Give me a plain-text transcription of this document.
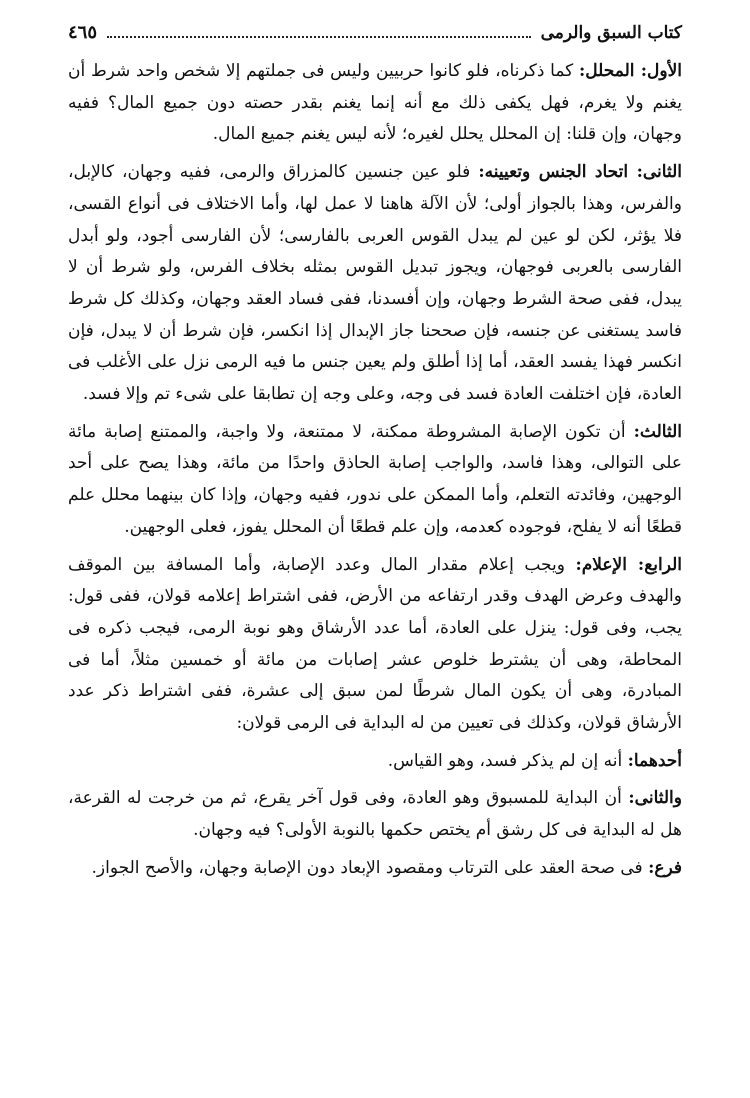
كتاب السبق والرمى
٤٦٥

الأول: المحلل: كما ذكرناه، فلو كانوا حربيين وليس فى جملتهم إلا شخص واحد شرط أن يغنم ولا يغرم، فهل يكفى ذلك مع أنه إنما يغنم بقدر حصته دون جميع المال؟ ففيه وجهان، وإن قلنا: إن المحلل يحلل لغيره؛ لأنه ليس يغنم جميع المال.

الثانى: اتحاد الجنس وتعيينه: فلو عين جنسين كالمزراق والرمى، ففيه وجهان، كالإبل، والفرس، وهذا بالجواز أولى؛ لأن الآلة هاهنا لا عمل لها، وأما الاختلاف فى أنواع القسى، فلا يؤثر، لكن لو عين لم يبدل القوس العربى بالفارسى؛ لأن الفارسى أجود، ولو أبدل الفارسى بالعربى فوجهان، ويجوز تبديل القوس بمثله بخلاف الفرس، ولو شرط أن لا يبدل، ففى صحة الشرط وجهان، وإن أفسدنا، ففى فساد العقد وجهان، وكذلك كل شرط فاسد يستغنى عن جنسه، فإن صححنا جاز الإبدال إذا انكسر، فإن شرط أن لا يبدل، فإن انكسر فهذا يفسد العقد، أما إذا أطلق ولم يعين جنس ما فيه الرمى نزل على الأغلب فى العادة، فإن اختلفت العادة فسد فى وجه، وعلى وجه إن تطابقا على شىء تم وإلا فسد.

الثالث: أن تكون الإصابة المشروطة ممكنة، لا ممتنعة، ولا واجبة، والممتنع إصابة مائة على التوالى، وهذا فاسد، والواجب إصابة الحاذق واحدًا من مائة، وهذا يصح على أحد الوجهين، وفائدته التعلم، وأما الممكن على ندور، ففيه وجهان، وإذا كان بينهما محلل علم قطعًا أنه لا يفلح، فوجوده كعدمه، وإن علم قطعًا أن المحلل يفوز، فعلى الوجهين.

الرابع: الإعلام: ويجب إعلام مقدار المال وعدد الإصابة، وأما المسافة بين الموقف والهدف وعرض الهدف وقدر ارتفاعه من الأرض، ففى اشتراط إعلامه قولان، ففى قول: يجب، وفى قول: ينزل على العادة، أما عدد الأرشاق وهو نوبة الرمى، فيجب ذكره فى المحاطة، وهى أن يشترط خلوص عشر إصابات من مائة أو خمسين مثلاً، أما فى المبادرة، وهى أن يكون المال شرطًا لمن سبق إلى عشرة، ففى اشتراط ذكر عدد الأرشاق قولان، وكذلك فى تعيين من له البداية فى الرمى قولان:

أحدهما: أنه إن لم يذكر فسد، وهو القياس.

والثانى: أن البداية للمسبوق وهو العادة، وفى قول آخر يقرع، ثم من خرجت له القرعة، هل له البداية فى كل رشق أم يختص حكمها بالنوبة الأولى؟ فيه وجهان.

فرع: فى صحة العقد على الترتاب ومقصود الإبعاد دون الإصابة وجهان، والأصح الجواز.
